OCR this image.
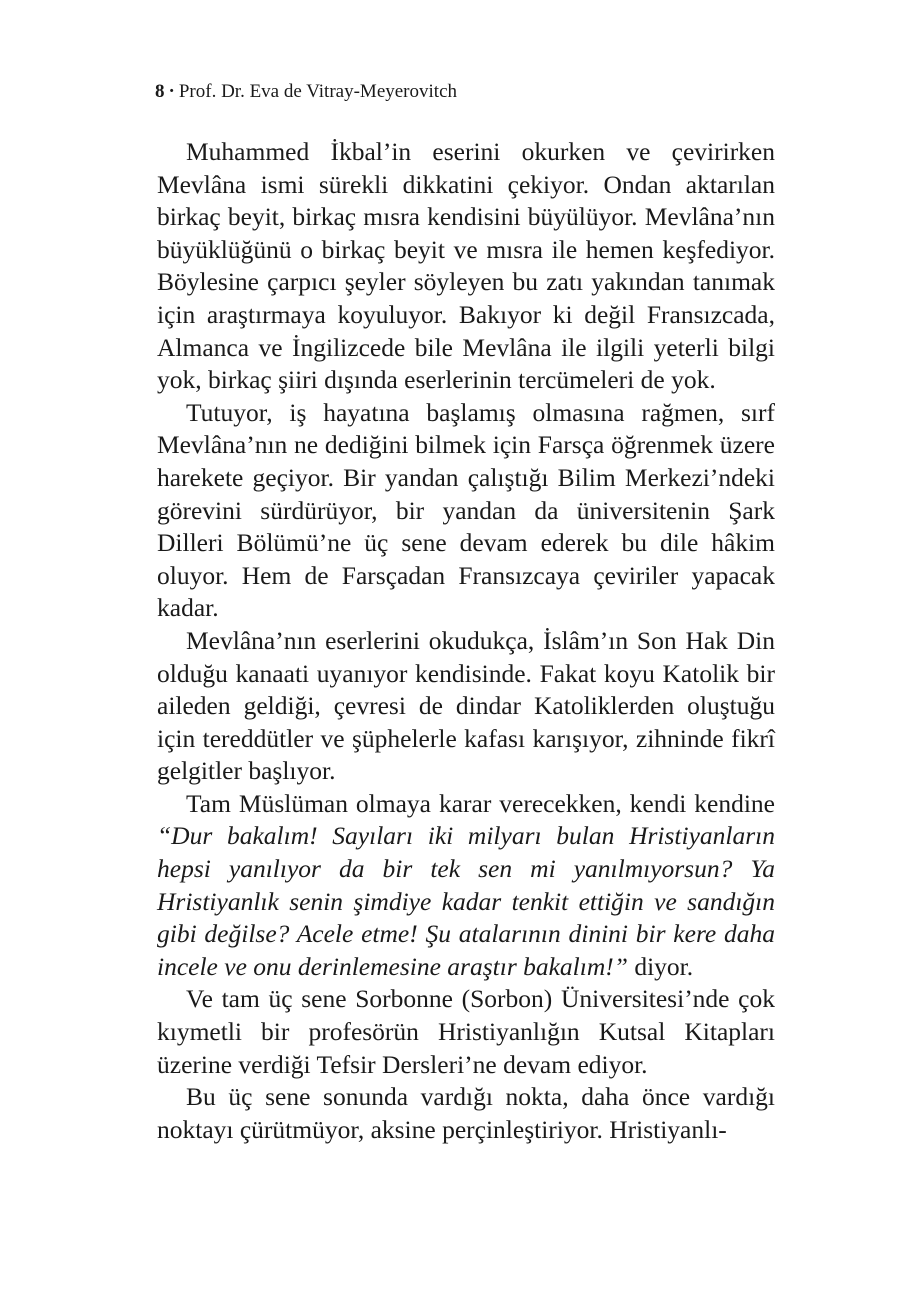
8 · Prof. Dr. Eva de Vitray-Meyerovitch

Muhammed İkbal’in eserini okurken ve çevirirken Mevlâna ismi sürekli dikkatini çekiyor. Ondan aktarılan birkaç beyit, birkaç mısra kendisini büyülüyor. Mevlâna’nın büyüklüğünü o birkaç beyit ve mısra ile hemen keşfediyor. Böylesine çarpıcı şeyler söyleyen bu zatı yakından tanımak için araştırmaya koyuluyor. Bakıyor ki değil Fransızcada, Almanca ve İngilizcede bile Mevlâna ile ilgili yeterli bilgi yok, birkaç şiiri dışında eserlerinin tercümeleri de yok.

Tutuyor, iş hayatına başlamış olmasına rağmen, sırf Mevlâna’nın ne dediğini bilmek için Farsça öğrenmek üzere harekete geçiyor. Bir yandan çalıştığı Bilim Merkezi’ndeki görevini sürdürüyor, bir yandan da üniversitenin Şark Dilleri Bölümü’ne üç sene devam ederek bu dile hâkim oluyor. Hem de Farsçadan Fransızcaya çeviriler yapacak kadar.

Mevlâna’nın eserlerini okudukça, İslâm’ın Son Hak Din olduğu kanaati uyanıyor kendisinde. Fakat koyu Katolik bir aileden geldiği, çevresi de dindar Katoliklerden oluştuğu için tereddütler ve şüphelerle kafası karışıyor, zihninde fikrî gelgitler başlıyor.

Tam Müslüman olmaya karar verecekken, kendi kendine “Dur bakalım! Sayıları iki milyarı bulan Hristiyanların hepsi yanılıyor da bir tek sen mi yanılmıyorsun? Ya Hristiyanlık senin şimdiye kadar tenkit ettiğin ve sandığın gibi değilse? Acele etme! Şu atalarının dinini bir kere daha incele ve onu derinlemesine araştır bakalım!” diyor.

Ve tam üç sene Sorbonne (Sorbon) Üniversitesi’nde çok kıymetli bir profesörün Hristiyanlığın Kutsal Kitapları üzerine verdiği Tefsir Dersleri’ne devam ediyor.

Bu üç sene sonunda vardığı nokta, daha önce vardığı noktayı çürütmüyor, aksine perçinleştiriyor. Hristiyanlı-
